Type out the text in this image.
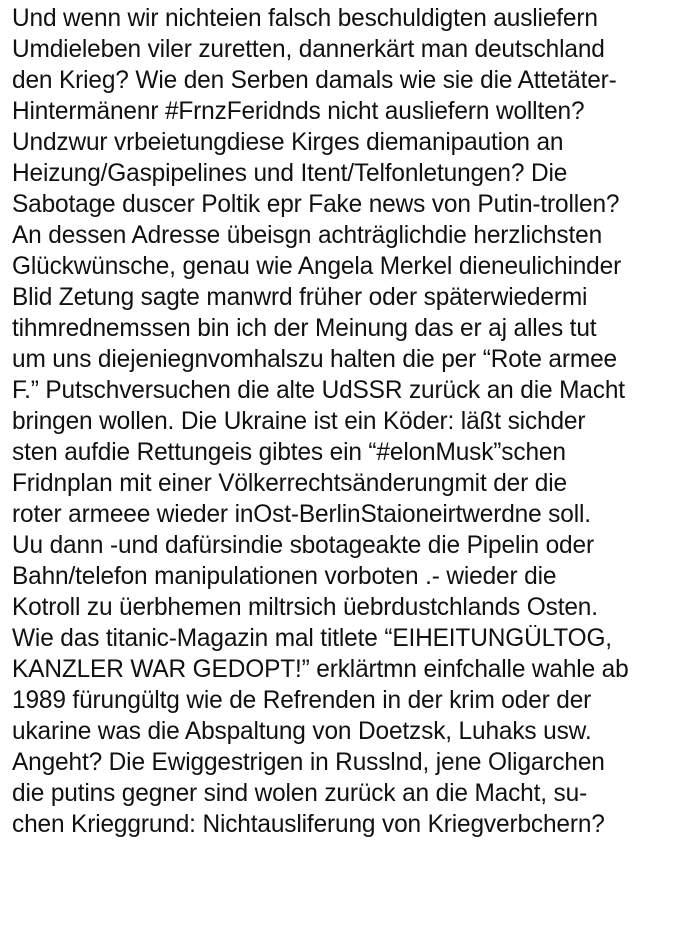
Und wenn wir nichteien falsch beschuldigten ausliefern
Umdieleben viler zuretten, dannerkärt man deutschland
den Krieg? Wie den Serben damals wie sie die Attetäter-
Hintermänenr #FrnzFeridnds nicht ausliefern wollten?
Undzwur vrbeietungdiese Kirges diemanipaution an
Heizung/Gaspipelines und Itent/Telfonletungen? Die
Sabotage duscer Poltik epr Fake news von Putin-trollen?
An dessen Adresse übeisgn achträglichdie herzlichsten
Glückwünsche, genau wie Angela Merkel dieneulichinder
Blid Zetung sagte manwrd früher oder späterwiedermi
tihmrednemssen bin ich der Meinung das er aj alles tut
um uns diejeniegnvomhalszu halten die per “Rote armee
F.” Putschversuchen die alte UdSSR zurück an die Macht
bringen wollen. Die Ukraine ist ein Köder: läßt sichder
sten aufdie Rettungeis gibtes ein “#elonMusk”schen
Fridnplan mit einer Völkerrechtsänderungmit der die
roter armeee wieder inOst-BerlinStaioneirtwerdne soll.
Uu dann -und dafürsindie sbotageakte die Pipelin oder
Bahn/telefon manipulationen vorboten .- wieder die
Kotroll zu üerbhemen miltrsich üebrdustchlands Osten.
Wie das titanic-Magazin mal titlete “EIHEITUNGÜLTOG,
KANZLER WAR GEDOPT!” erklärtmn einfchalle wahle ab
1989 fürungültg wie de Refrenden in der krim oder der
ukarine was die Abspaltung von Doetzsk, Luhaks usw.
Angeht? Die Ewiggestrigen in Russlnd, jene Oligarchen
die putins gegner sind wolen zurück an die Macht, su-
chen Krieggrund: Nichtausliferung von Kriegverbchern?
